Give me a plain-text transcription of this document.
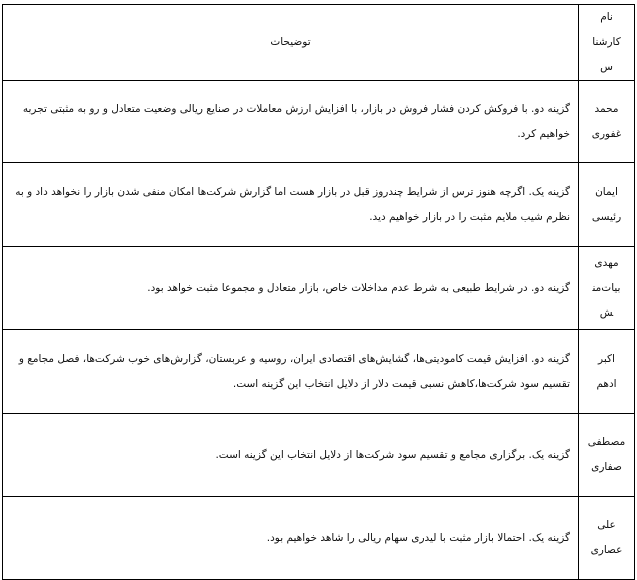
نام کارشناس	توضیحات
محمد غفوری	گزینه دو. با فروکش کردن فشار فروش در بازار، با افزایش ارزش معاملات در صنایع ریالی وضعیت متعادل و رو به مثبتی تجربه خواهیم کرد.
ایمان رئیسی	گزینه یک. اگرچه هنوز ترس از شرایط چندروز قبل در بازار هست اما گزارش شرکت‌ها امکان منفی شدن بازار را نخواهد داد و به نظرم شیب ملایم مثبت را در بازار خواهیم دید.
مهدی بیات‌منش	گزینه دو. در شرایط طبیعی به شرط عدم مداخلات خاص، بازار متعادل و مجموعا مثبت خواهد بود.
اکبر ادهم	گزینه دو. افزایش قیمت کامودیتی‌ها، گشایش‌های اقتصادی ایران، روسیه و عربستان، گزارش‌های خوب شرکت‌ها، فصل مجامع و تقسیم سود شرکت‌ها،کاهش نسبی قیمت دلار از دلایل انتخاب این گزینه است.
مصطفی صفاری	گزینه یک. برگزاری مجامع و تقسیم سود شرکت‌ها از دلایل انتخاب این گزینه است.
علی عصاری	گزینه یک. احتمالا بازار مثبت با لیدری سهام ریالی را شاهد خواهیم بود.
